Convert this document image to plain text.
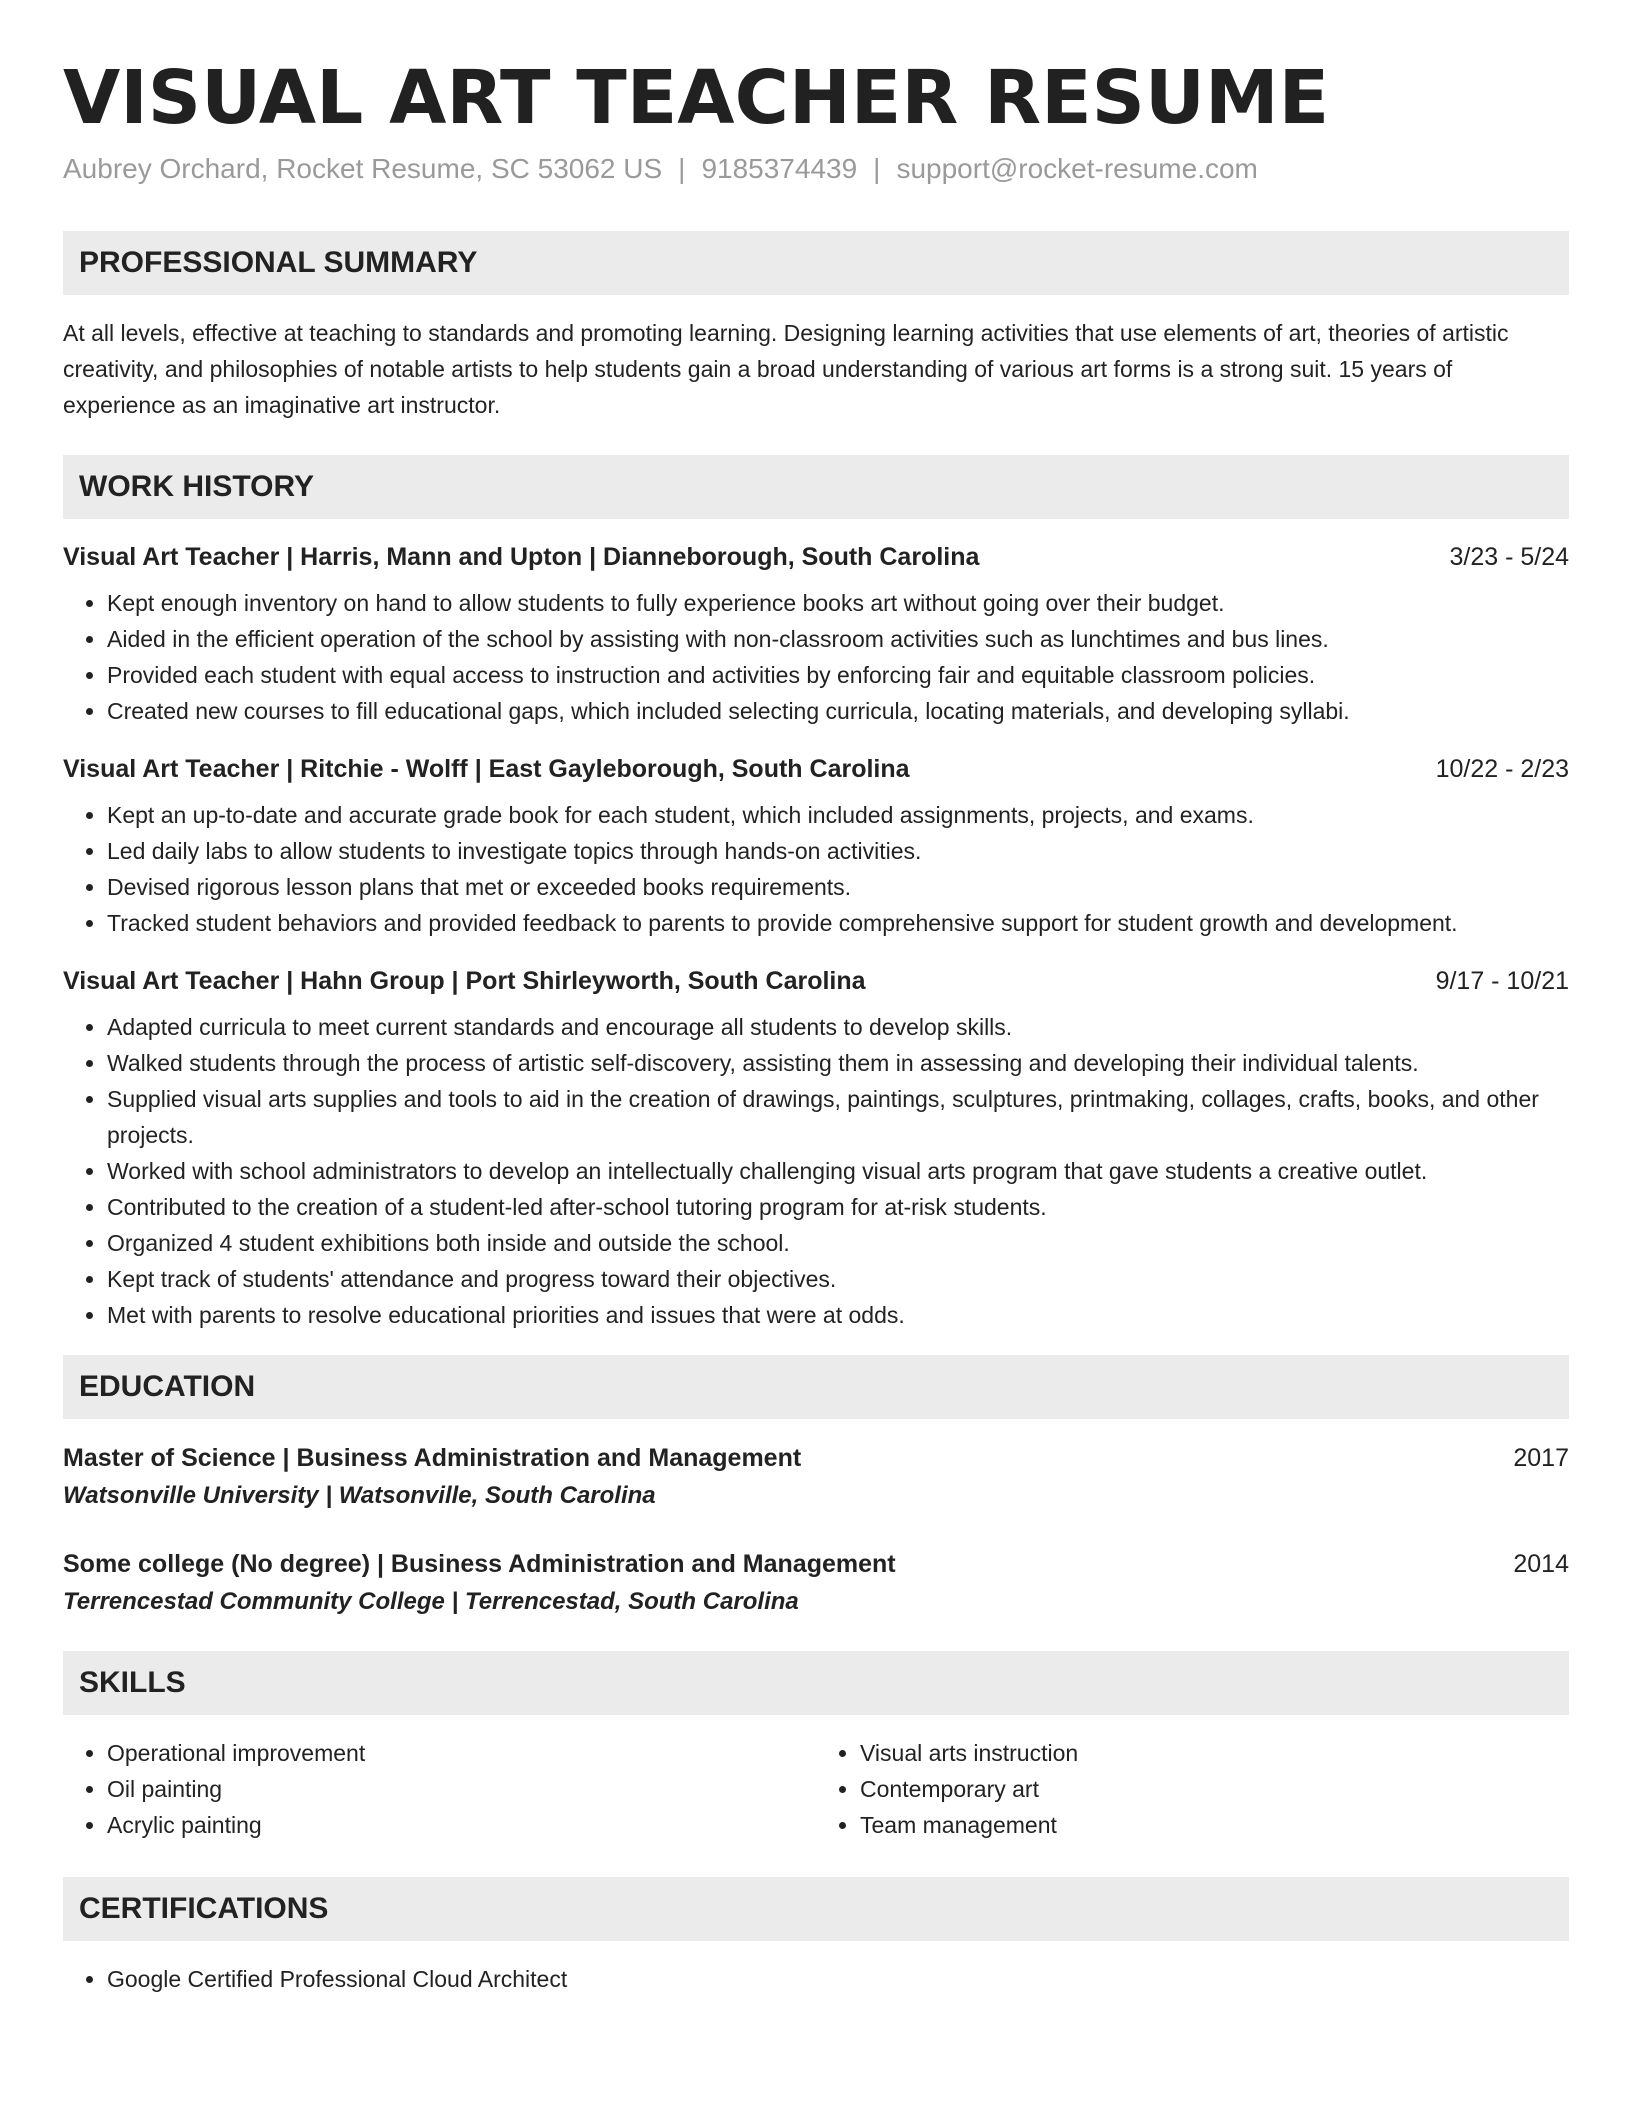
VISUAL ART TEACHER RESUME
Aubrey Orchard, Rocket Resume, SC 53062 US | 9185374439 | support@rocket-resume.com
PROFESSIONAL SUMMARY

At all levels, effective at teaching to standards and promoting learning. Designing learning activities that use elements of art, theories of artistic creativity, and philosophies of notable artists to help students gain a broad understanding of various art forms is a strong suit. 15 years of experience as an imaginative art instructor.

WORK HISTORY
Visual Art Teacher | Harris, Mann and Upton | Dianneborough, South Carolina	3/23 - 5/24
• Kept enough inventory on hand to allow students to fully experience books art without going over their budget.
• Aided in the efficient operation of the school by assisting with non-classroom activities such as lunchtimes and bus lines.
• Provided each student with equal access to instruction and activities by enforcing fair and equitable classroom policies.
• Created new courses to fill educational gaps, which included selecting curricula, locating materials, and developing syllabi.
Visual Art Teacher | Ritchie - Wolff | East Gayleborough, South Carolina	10/22 - 2/23
• Kept an up-to-date and accurate grade book for each student, which included assignments, projects, and exams.
• Led daily labs to allow students to investigate topics through hands-on activities.
• Devised rigorous lesson plans that met or exceeded books requirements.
• Tracked student behaviors and provided feedback to parents to provide comprehensive support for student growth and development.
Visual Art Teacher | Hahn Group | Port Shirleyworth, South Carolina	9/17 - 10/21
• Adapted curricula to meet current standards and encourage all students to develop skills.
• Walked students through the process of artistic self-discovery, assisting them in assessing and developing their individual talents.
• Supplied visual arts supplies and tools to aid in the creation of drawings, paintings, sculptures, printmaking, collages, crafts, books, and other projects.
• Worked with school administrators to develop an intellectually challenging visual arts program that gave students a creative outlet.
• Contributed to the creation of a student-led after-school tutoring program for at-risk students.
• Organized 4 student exhibitions both inside and outside the school.
• Kept track of students' attendance and progress toward their objectives.
• Met with parents to resolve educational priorities and issues that were at odds.
EDUCATION
Master of Science | Business Administration and Management	2017
Watsonville University | Watsonville, South Carolina
Some college (No degree) | Business Administration and Management	2014
Terrencestad Community College | Terrencestad, South Carolina
SKILLS
• Operational improvement
• Oil painting
• Acrylic painting
• Visual arts instruction
• Contemporary art
• Team management
CERTIFICATIONS
• Google Certified Professional Cloud Architect
